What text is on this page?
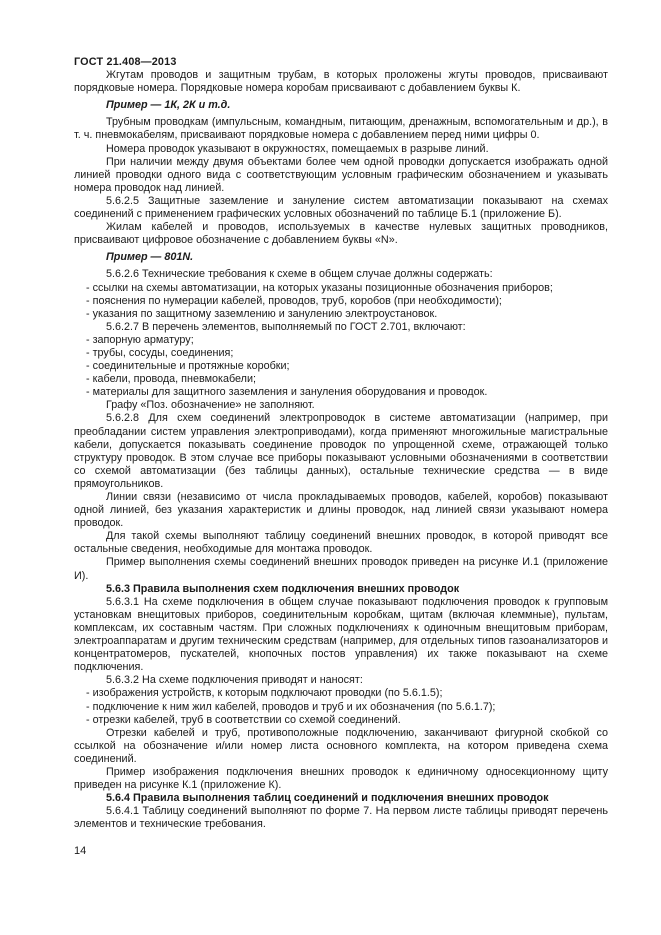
ГОСТ 21.408—2013

Жгутам проводов и защитным трубам, в которых проложены жгуты проводов, присваивают порядковые номера. Порядковые номера коробам присваивают с добавлением буквы К.

Пример — 1К, 2К и т.д.

Трубным проводкам (импульсным, командным, питающим, дренажным, вспомогательным и др.), в т. ч. пневмокабелям, присваивают порядковые номера с добавлением перед ними цифры 0.

Номера проводок указывают в окружностях, помещаемых в разрыве линий.

При наличии между двумя объектами более чем одной проводки допускается изображать одной линией проводки одного вида с соответствующим условным графическим обозначением и указывать номера проводок над линией.

5.6.2.5 Защитные заземление и зануление систем автоматизации показывают на схемах соединений с применением графических условных обозначений по таблице Б.1 (приложение Б).

Жилам кабелей и проводов, используемых в качестве нулевых защитных проводников, присваивают цифровое обозначение с добавлением буквы «N».

Пример — 801N.

5.6.2.6 Технические требования к схеме в общем случае должны содержать:

- ссылки на схемы автоматизации, на которых указаны позиционные обозначения приборов;

- пояснения по нумерации кабелей, проводов, труб, коробов (при необходимости);

- указания по защитному заземлению и занулению электроустановок.

5.6.2.7 В перечень элементов, выполняемый по ГОСТ 2.701, включают:

- запорную арматуру;

- трубы, сосуды, соединения;

- соединительные и протяжные коробки;

- кабели, провода, пневмокабели;

- материалы для защитного заземления и зануления оборудования и проводок.

Графу «Поз. обозначение» не заполняют.

5.6.2.8 Для схем соединений электропроводок в системе автоматизации (например, при преобладании систем управления электроприводами), когда применяют многожильные магистральные кабели, допускается показывать соединение проводок по упрощенной схеме, отражающей только структуру проводок. В этом случае все приборы показывают условными обозначениями в соответствии со схемой автоматизации (без таблицы данных), остальные технические средства — в виде прямоугольников.

Линии связи (независимо от числа прокладываемых проводов, кабелей, коробов) показывают одной линией, без указания характеристик и длины проводок, над линией связи указывают номера проводок.

Для такой схемы выполняют таблицу соединений внешних проводок, в которой приводят все остальные сведения, необходимые для монтажа проводок.

Пример выполнения схемы соединений внешних проводок приведен на рисунке И.1 (приложение И).

5.6.3 Правила выполнения схем подключения внешних проводок

5.6.3.1 На схеме подключения в общем случае показывают подключения проводок к групповым установкам внещитовых приборов, соединительным коробкам, щитам (включая клеммные), пультам, комплексам, их составным частям. При сложных подключениях к одиночным внещитовым приборам, электроаппаратам и другим техническим средствам (например, для отдельных типов газоанализаторов и концентратомеров, пускателей, кнопочных постов управления) их также показывают на схеме подключения.

5.6.3.2 На схеме подключения приводят и наносят:

- изображения устройств, к которым подключают проводки (по 5.6.1.5);

- подключение к ним жил кабелей, проводов и труб и их обозначения (по 5.6.1.7);

- отрезки кабелей, труб в соответствии со схемой соединений.

Отрезки кабелей и труб, противоположные подключению, заканчивают фигурной скобкой со ссылкой на обозначение и/или номер листа основного комплекта, на котором приведена схема соединений.

Пример изображения подключения внешних проводок к единичному односекционному щиту приведен на рисунке К.1 (приложение К).

5.6.4 Правила выполнения таблиц соединений и подключения внешних проводок

5.6.4.1 Таблицу соединений выполняют по форме 7. На первом листе таблицы приводят перечень элементов и технические требования.

14
